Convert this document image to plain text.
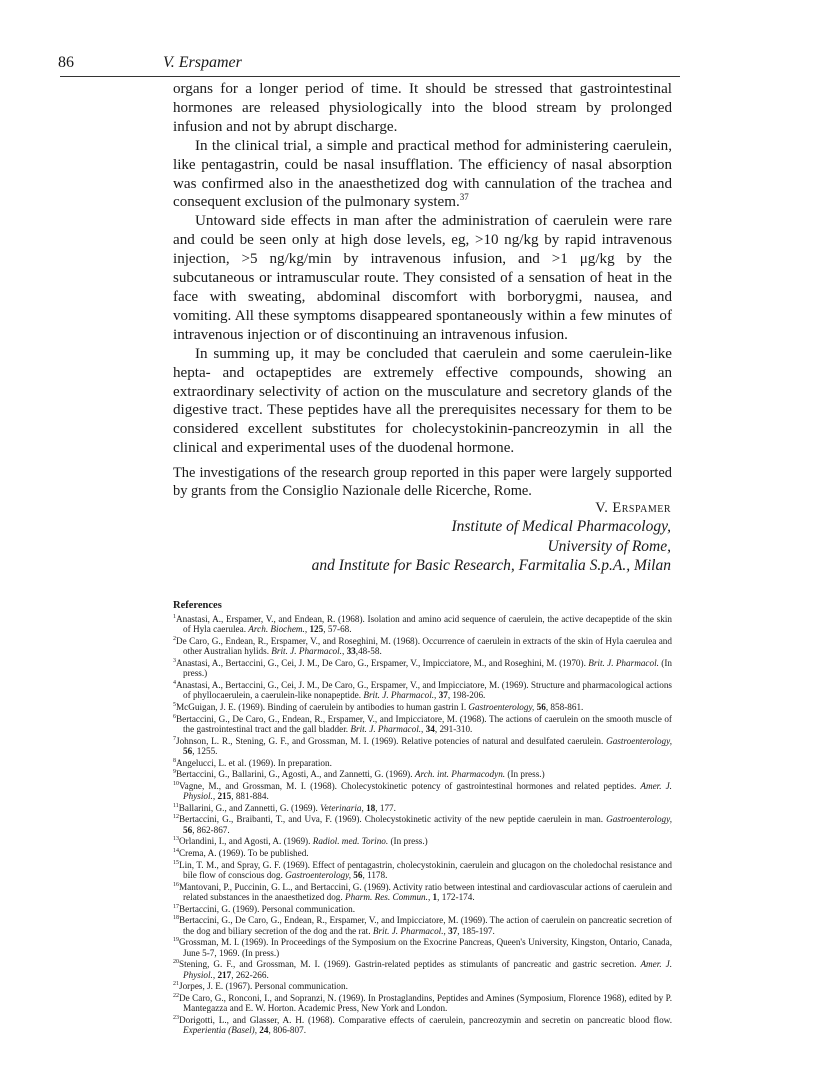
86	V. Erspamer

organs for a longer period of time. It should be stressed that gastrointestinal hormones are released physiologically into the blood stream by prolonged infusion and not by abrupt discharge.

In the clinical trial, a simple and practical method for administering caerulein, like pentagastrin, could be nasal insufflation. The efficiency of nasal absorption was confirmed also in the anaesthetized dog with cannulation of the trachea and consequent exclusion of the pulmonary system.$^{37}$

Untoward side effects in man after the administration of caerulein were rare and could be seen only at high dose levels, eg, >10 ng/kg by rapid intravenous injection, >5 ng/kg/min by intravenous infusion, and >1 μg/kg by the subcutaneous or intramuscular route. They consisted of a sensation of heat in the face with sweating, abdominal discomfort with borborygmi, nausea, and vomiting. All these symptoms disappeared spontaneously within a few minutes of intravenous injection or of discontinuing an intravenous infusion.

In summing up, it may be concluded that caerulein and some caerulein-like hepta- and octapeptides are extremely effective compounds, showing an extraordinary selectivity of action on the musculature and secretory glands of the digestive tract. These peptides have all the prerequisites necessary for them to be considered excellent substitutes for cholecystokinin-pancreozymin in all the clinical and experimental uses of the duodenal hormone.

The investigations of the research group reported in this paper were largely supported by grants from the Consiglio Nazionale delle Ricerche, Rome.

V. Erspamer
Institute of Medical Pharmacology,
University of Rome,
and Institute for Basic Research, Farmitalia S.p.A., Milan
References

$^1$Anastasi, A., Erspamer, V., and Endean, R. (1968). Isolation and amino acid sequence of caerulein, the active decapeptide of the skin of Hyla caerulea. Arch. Biochem., 125, 57-68.

$^2$De Caro, G., Endean, R., Erspamer, V., and Roseghini, M. (1968). Occurrence of caerulein in extracts of the skin of Hyla caerulea and other Australian hylids. Brit. J. Pharmacol., 33,48-58.

$^3$Anastasi, A., Bertaccini, G., Cei, J. M., De Caro, G., Erspamer, V., Impicciatore, M., and Roseghini, M. (1970). Brit. J. Pharmacol. (In press.)

$^4$Anastasi, A., Bertaccini, G., Cei, J. M., De Caro, G., Erspamer, V., and Impicciatore, M. (1969). Structure and pharmacological actions of phyllocaerulein, a caerulein-like nonapeptide. Brit. J. Pharmacol., 37, 198-206.

$^5$McGuigan, J. E. (1969). Binding of caerulein by antibodies to human gastrin I. Gastroenterology, 56, 858-861.

$^6$Bertaccini, G., De Caro, G., Endean, R., Erspamer, V., and Impicciatore, M. (1968). The actions of caerulein on the smooth muscle of the gastrointestinal tract and the gall bladder. Brit. J. Pharmacol., 34, 291-310.

$^7$Johnson, L. R., Stening, G. F., and Grossman, M. I. (1969). Relative potencies of natural and desulfated caerulein. Gastroenterology, 56, 1255.

$^8$Angelucci, L. et al. (1969). In preparation.

$^9$Bertaccini, G., Ballarini, G., Agosti, A., and Zannetti, G. (1969). Arch. int. Pharmacodyn. (In press.)

$^{10}$Vagne, M., and Grossman, M. I. (1968). Cholecystokinetic potency of gastrointestinal hormones and related peptides. Amer. J. Physiol., 215, 881-884.

$^{11}$Ballarini, G., and Zannetti, G. (1969). Veterinaria, 18, 177.

$^{12}$Bertaccini, G., Braibanti, T., and Uva, F. (1969). Cholecystokinetic activity of the new peptide caerulein in man. Gastroenterology, 56, 862-867.

$^{13}$Orlandini, I., and Agosti, A. (1969). Radiol. med. Torino. (In press.)

$^{14}$Crema, A. (1969). To be published.

$^{15}$Lin, T. M., and Spray, G. F. (1969). Effect of pentagastrin, cholecystokinin, caerulein and glucagon on the choledochal resistance and bile flow of conscious dog. Gastroenterology, 56, 1178.

$^{16}$Mantovani, P., Puccinin, G. L., and Bertaccini, G. (1969). Activity ratio between intestinal and cardiovascular actions of caerulein and related substances in the anaesthetized dog. Pharm. Res. Commun., 1, 172-174.

$^{17}$Bertaccini, G. (1969). Personal communication.

$^{18}$Bertaccini, G., De Caro, G., Endean, R., Erspamer, V., and Impicciatore, M. (1969). The action of caerulein on pancreatic secretion of the dog and biliary secretion of the dog and the rat. Brit. J. Pharmacol., 37, 185-197.

$^{19}$Grossman, M. I. (1969). In Proceedings of the Symposium on the Exocrine Pancreas, Queen's University, Kingston, Ontario, Canada, June 5-7, 1969. (In press.)

$^{20}$Stening, G. F., and Grossman, M. I. (1969). Gastrin-related peptides as stimulants of pancreatic and gastric secretion. Amer. J. Physiol., 217, 262-266.

$^{21}$Jorpes, J. E. (1967). Personal communication.

$^{22}$De Caro, G., Ronconi, I., and Sopranzi, N. (1969). In Prostaglandins, Peptides and Amines (Symposium, Florence 1968), edited by P. Mantegazza and E. W. Horton. Academic Press, New York and London.

$^{23}$Dorigotti, L., and Glasser, A. H. (1968). Comparative effects of caerulein, pancreozymin and secretin on pancreatic blood flow. Experientia (Basel), 24, 806-807.
